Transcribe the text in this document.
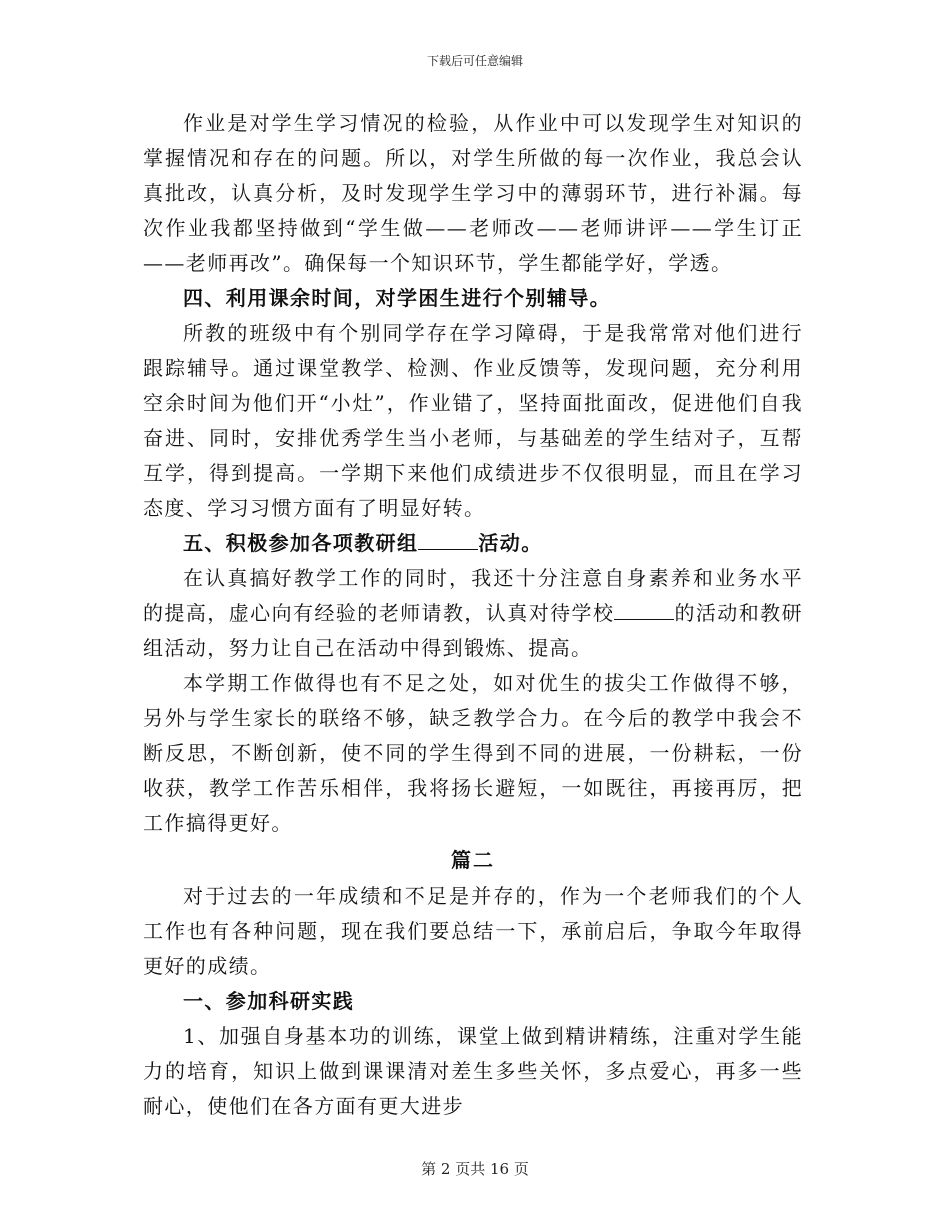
下载后可任意编辑

作业是对学生学习情况的检验，从作业中可以发现学生对知识的掌握情况和存在的问题。所以，对学生所做的每一次作业，我总会认真批改，认真分析，及时发现学生学习中的薄弱环节，进行补漏。每次作业我都坚持做到“学生做——老师改——老师讲评——学生订正——老师再改”。确保每一个知识环节，学生都能学好，学透。

四、利用课余时间，对学困生进行个别辅导。

所教的班级中有个别同学存在学习障碍，于是我常常对他们进行跟踪辅导。通过课堂教学、检测、作业反馈等，发现问题，充分利用空余时间为他们开“小灶”，作业错了，坚持面批面改，促进他们自我奋进、同时，安排优秀学生当小老师，与基础差的学生结对子，互帮互学，得到提高。一学期下来他们成绩进步不仅很明显，而且在学习态度、学习习惯方面有了明显好转。

五、积极参加各项教研组	活动。

在认真搞好教学工作的同时，我还十分注意自身素养和业务水平的提高，虚心向有经验的老师请教，认真对待学校	的活动和教研组活动，努力让自己在活动中得到锻炼、提高。

本学期工作做得也有不足之处，如对优生的拔尖工作做得不够，另外与学生家长的联络不够，缺乏教学合力。在今后的教学中我会不断反思，不断创新，使不同的学生得到不同的进展，一份耕耘，一份收获，教学工作苦乐相伴，我将扬长避短，一如既往，再接再厉，把工作搞得更好。

篇二

对于过去的一年成绩和不足是并存的，作为一个老师我们的个人工作也有各种问题，现在我们要总结一下，承前启后，争取今年取得更好的成绩。

一、参加科研实践

1、加强自身基本功的训练，课堂上做到精讲精练，注重对学生能力的培育，知识上做到课课清对差生多些关怀，多点爱心，再多一些耐心，使他们在各方面有更大进步

第 2 页共 16 页
